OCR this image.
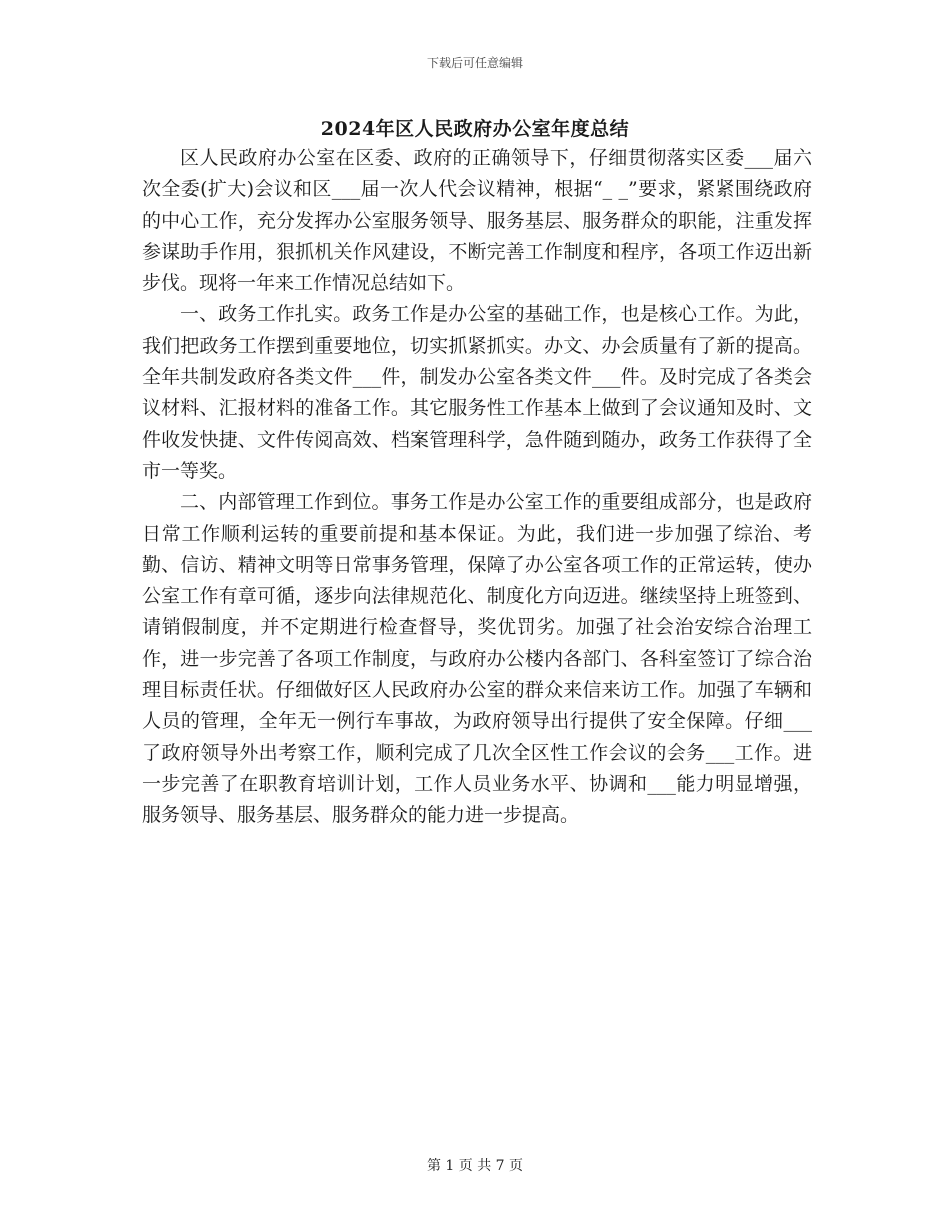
下载后可任意编辑
2024年区人民政府办公室年度总结

区人民政府办公室在区委、政府的正确领导下，仔细贯彻落实区委___届六次全委(扩大)会议和区___届一次人代会议精神，根据“_ _”要求，紧紧围绕政府的中心工作，充分发挥办公室服务领导、服务基层、服务群众的职能，注重发挥参谋助手作用，狠抓机关作风建设，不断完善工作制度和程序，各项工作迈出新步伐。现将一年来工作情况总结如下。

一、政务工作扎实。政务工作是办公室的基础工作，也是核心工作。为此，我们把政务工作摆到重要地位，切实抓紧抓实。办文、办会质量有了新的提高。全年共制发政府各类文件___件，制发办公室各类文件___件。及时完成了各类会议材料、汇报材料的准备工作。其它服务性工作基本上做到了会议通知及时、文件收发快捷、文件传阅高效、档案管理科学，急件随到随办，政务工作获得了全市一等奖。

二、内部管理工作到位。事务工作是办公室工作的重要组成部分，也是政府日常工作顺利运转的重要前提和基本保证。为此，我们进一步加强了综治、考勤、信访、精神文明等日常事务管理，保障了办公室各项工作的正常运转，使办公室工作有章可循，逐步向法律规范化、制度化方向迈进。继续坚持上班签到、请销假制度，并不定期进行检查督导，奖优罚劣。加强了社会治安综合治理工作，进一步完善了各项工作制度，与政府办公楼内各部门、各科室签订了综合治理目标责任状。仔细做好区人民政府办公室的群众来信来访工作。加强了车辆和人员的管理，全年无一例行车事故，为政府领导出行提供了安全保障。仔细___了政府领导外出考察工作，顺利完成了几次全区性工作会议的会务___工作。进一步完善了在职教育培训计划，工作人员业务水平、协调和___能力明显增强，服务领导、服务基层、服务群众的能力进一步提高。

第 1 页 共 7 页
